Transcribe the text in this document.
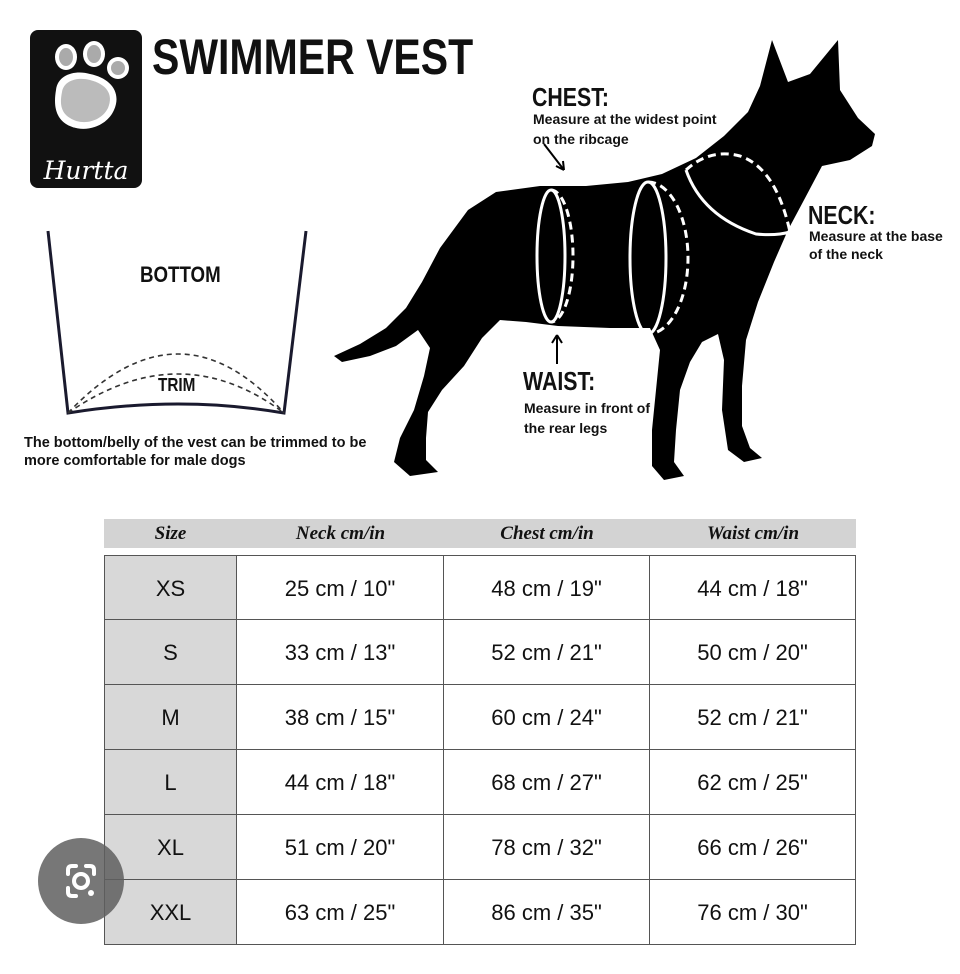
Hurtta
SWIMMER VEST
BOTTOM
TRIM
The bottom/belly of the vest can be trimmed to be more comfortable for male dogs
CHEST:
Measure at the widest point on the ribcage
NECK:
Measure at the base of the neck
WAIST:
Measure in front of the rear legs
Size	Neck cm/in	Chest cm/in	Waist cm/in
XS	25 cm / 10"	48 cm / 19"	44 cm / 18"
S	33 cm / 13"	52 cm / 21"	50 cm / 20"
M	38 cm / 15"	60 cm / 24"	52 cm / 21"
L	44 cm / 18"	68 cm / 27"	62 cm / 25"
XL	51 cm / 20"	78 cm / 32"	66 cm / 26"
XXL	63 cm / 25"	86 cm / 35"	76 cm / 30"
